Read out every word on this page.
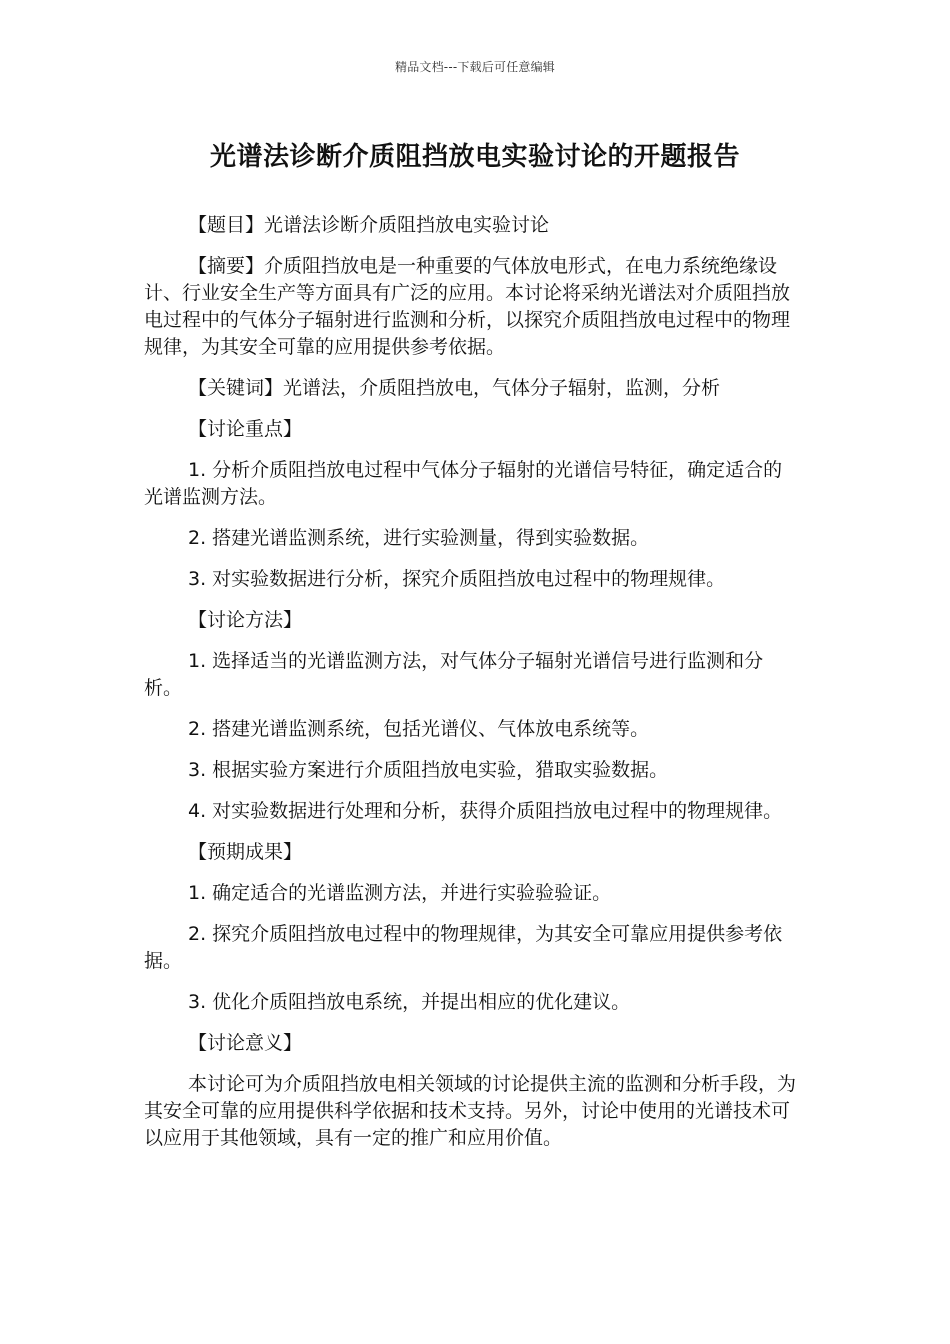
精品文档---下载后可任意编辑
光谱法诊断介质阻挡放电实验讨论的开题报告

【题目】光谱法诊断介质阻挡放电实验讨论

【摘要】介质阻挡放电是一种重要的气体放电形式，在电力系统绝缘设计、行业安全生产等方面具有广泛的应用。本讨论将采纳光谱法对介质阻挡放电过程中的气体分子辐射进行监测和分析，以探究介质阻挡放电过程中的物理规律，为其安全可靠的应用提供参考依据。

【关键词】光谱法，介质阻挡放电，气体分子辐射，监测，分析

【讨论重点】

1. 分析介质阻挡放电过程中气体分子辐射的光谱信号特征，确定适合的光谱监测方法。

2. 搭建光谱监测系统，进行实验测量，得到实验数据。

3. 对实验数据进行分析，探究介质阻挡放电过程中的物理规律。

【讨论方法】

1. 选择适当的光谱监测方法，对气体分子辐射光谱信号进行监测和分析。

2. 搭建光谱监测系统，包括光谱仪、气体放电系统等。

3. 根据实验方案进行介质阻挡放电实验，猎取实验数据。

4. 对实验数据进行处理和分析，获得介质阻挡放电过程中的物理规律。

【预期成果】

1. 确定适合的光谱监测方法，并进行实验验验证。

2. 探究介质阻挡放电过程中的物理规律，为其安全可靠应用提供参考依据。

3. 优化介质阻挡放电系统，并提出相应的优化建议。

【讨论意义】

本讨论可为介质阻挡放电相关领域的讨论提供主流的监测和分析手段，为其安全可靠的应用提供科学依据和技术支持。另外，讨论中使用的光谱技术可以应用于其他领域，具有一定的推广和应用价值。
